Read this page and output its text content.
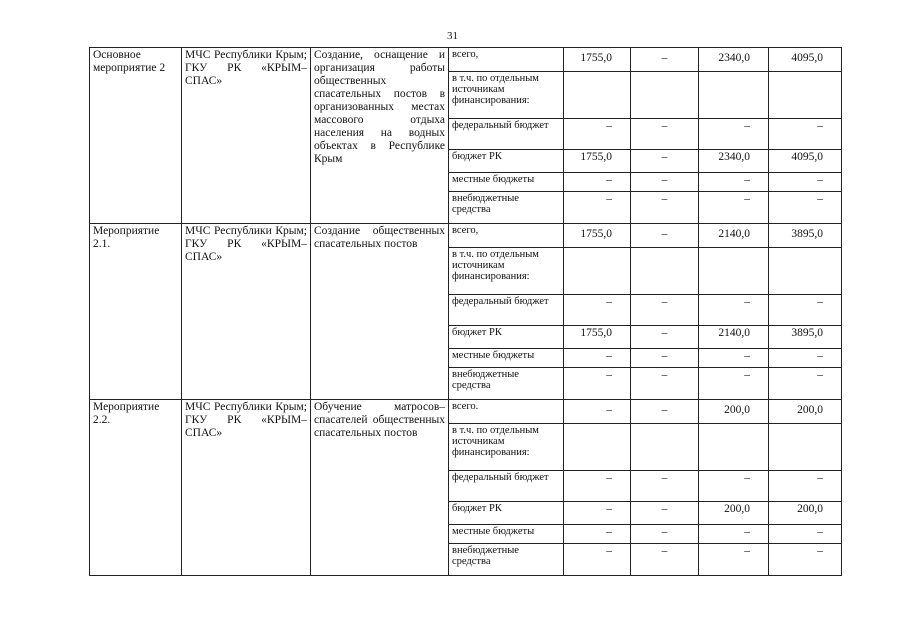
31
Основное мероприятие 2	МЧС Республики Крым; ГКУ РК «КРЫМ–СПАС»	Создание, оснащение и организация работы общественных спасательных постов в организованных местах массового отдыха населения на водных объектах в Республике Крым	всего,	1755,0	–	2340,0	4095,0
			в т.ч. по отдельным источникам финансирования:				
			федеральный бюджет	–	–	–	–
			бюджет РК	1755,0	–	2340,0	4095,0
			местные бюджеты	–	–	–	–
			внебюджетные средства	–	–	–	–
Мероприятие 2.1.	МЧС Республики Крым; ГКУ РК «КРЫМ–СПАС»	Создание общественных спасательных постов	всего,	1755,0	–	2140,0	3895,0
			в т.ч. по отдельным источникам финансирования:				
			федеральный бюджет	–	–	–	–
			бюджет РК	1755,0	–	2140,0	3895,0
			местные бюджеты	–	–	–	–
			внебюджетные средства	–	–	–	–
Мероприятие 2.2.	МЧС Республики Крым; ГКУ РК «КРЫМ–СПАС»	Обучение матросов–спасателей общественных спасательных постов	всего.	–	–	200,0	200,0
			в т.ч. по отдельным источникам финансирования:				
			федеральный бюджет	–	–	–	–
			бюджет РК	–	–	200,0	200,0
			местные бюджеты	–	–	–	–
			внебюджетные средства	–	–	–	–
